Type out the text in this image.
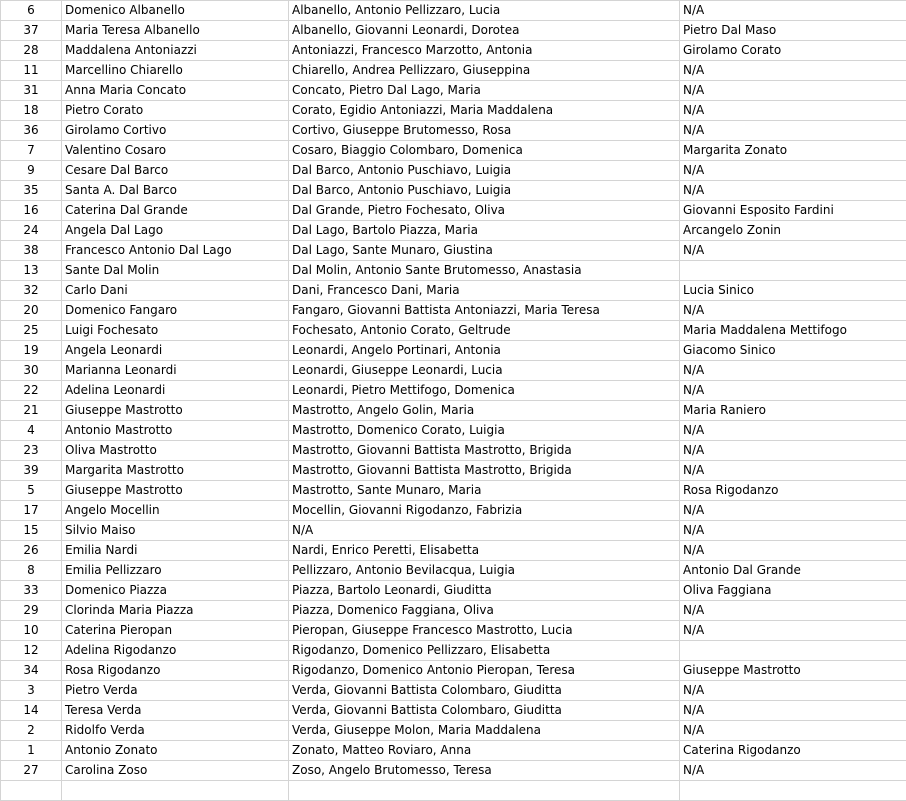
6	Domenico Albanello	Albanello, Antonio Pellizzaro, Lucia	N/A
37	Maria Teresa Albanello	Albanello, Giovanni Leonardi, Dorotea	Pietro Dal Maso
28	Maddalena Antoniazzi	Antoniazzi, Francesco Marzotto, Antonia	Girolamo Corato
11	Marcellino Chiarello	Chiarello, Andrea Pellizzaro, Giuseppina	N/A
31	Anna Maria Concato	Concato, Pietro Dal Lago, Maria	N/A
18	Pietro Corato	Corato, Egidio Antoniazzi, Maria Maddalena	N/A
36	Girolamo Cortivo	Cortivo, Giuseppe Brutomesso, Rosa	N/A
7	Valentino Cosaro	Cosaro, Biaggio Colombaro, Domenica	Margarita Zonato
9	Cesare Dal Barco	Dal Barco, Antonio Puschiavo, Luigia	N/A
35	Santa A. Dal Barco	Dal Barco, Antonio Puschiavo, Luigia	N/A
16	Caterina Dal Grande	Dal Grande, Pietro Fochesato, Oliva	Giovanni Esposito Fardini
24	Angela Dal Lago	Dal Lago, Bartolo Piazza, Maria	Arcangelo Zonin
38	Francesco Antonio Dal Lago	Dal Lago, Sante Munaro, Giustina	N/A
13	Sante Dal Molin	Dal Molin, Antonio Sante Brutomesso, Anastasia	
32	Carlo Dani	Dani, Francesco Dani, Maria	Lucia Sinico
20	Domenico Fangaro	Fangaro, Giovanni Battista Antoniazzi, Maria Teresa	N/A
25	Luigi Fochesato	Fochesato, Antonio Corato, Geltrude	Maria Maddalena Mettifogo
19	Angela Leonardi	Leonardi, Angelo Portinari, Antonia	Giacomo Sinico
30	Marianna Leonardi	Leonardi, Giuseppe Leonardi, Lucia	N/A
22	Adelina Leonardi	Leonardi, Pietro Mettifogo, Domenica	N/A
21	Giuseppe Mastrotto	Mastrotto, Angelo Golin, Maria	Maria Raniero
4	Antonio Mastrotto	Mastrotto, Domenico Corato, Luigia	N/A
23	Oliva Mastrotto	Mastrotto, Giovanni Battista Mastrotto, Brigida	N/A
39	Margarita Mastrotto	Mastrotto, Giovanni Battista Mastrotto, Brigida	N/A
5	Giuseppe Mastrotto	Mastrotto, Sante Munaro, Maria	Rosa Rigodanzo
17	Angelo Mocellin	Mocellin, Giovanni Rigodanzo, Fabrizia	N/A
15	Silvio Maiso	N/A	N/A
26	Emilia Nardi	Nardi, Enrico Peretti, Elisabetta	N/A
8	Emilia Pellizzaro	Pellizzaro, Antonio Bevilacqua, Luigia	Antonio Dal Grande
33	Domenico Piazza	Piazza, Bartolo Leonardi, Giuditta	Oliva Faggiana
29	Clorinda Maria Piazza	Piazza, Domenico Faggiana, Oliva	N/A
10	Caterina Pieropan	Pieropan, Giuseppe Francesco Mastrotto, Lucia	N/A
12	Adelina Rigodanzo	Rigodanzo, Domenico Pellizzaro, Elisabetta	
34	Rosa Rigodanzo	Rigodanzo, Domenico Antonio Pieropan, Teresa	Giuseppe Mastrotto
3	Pietro Verda	Verda, Giovanni Battista Colombaro, Giuditta	N/A
14	Teresa Verda	Verda, Giovanni Battista Colombaro, Giuditta	N/A
2	Ridolfo Verda	Verda, Giuseppe Molon, Maria Maddalena	N/A
1	Antonio Zonato	Zonato, Matteo Roviaro, Anna	Caterina Rigodanzo
27	Carolina Zoso	Zoso, Angelo Brutomesso, Teresa	N/A
